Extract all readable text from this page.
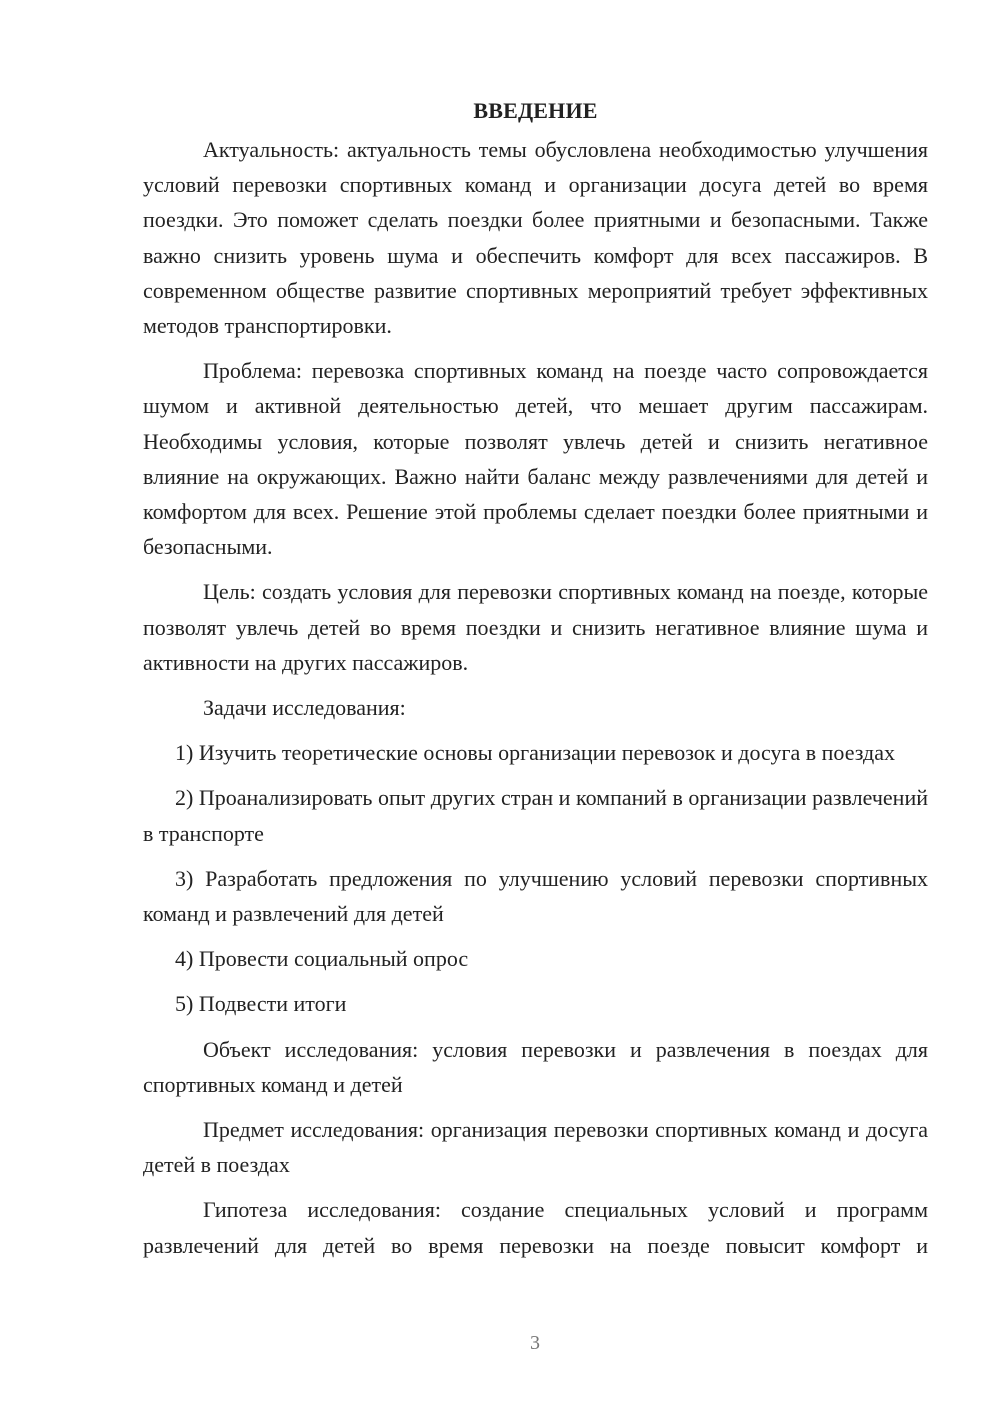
ВВЕДЕНИЕ

Актуальность: актуальность темы обусловлена необходимостью улучшения условий перевозки спортивных команд и организации досуга детей во время поездки. Это поможет сделать поездки более приятными и безопасными. Также важно снизить уровень шума и обеспечить комфорт для всех пассажиров. В современном обществе развитие спортивных мероприятий требует эффективных методов транспортировки.

Проблема: перевозка спортивных команд на поезде часто сопровождается шумом и активной деятельностью детей, что мешает другим пассажирам. Необходимы условия, которые позволят увлечь детей и снизить негативное влияние на окружающих. Важно найти баланс между развлечениями для детей и комфортом для всех. Решение этой проблемы сделает поездки более приятными и безопасными.

Цель: создать условия для перевозки спортивных команд на поезде, которые позволят увлечь детей во время поездки и снизить негативное влияние шума и активности на других пассажиров.

Задачи исследования:

1) Изучить теоретические основы организации перевозок и досуга в поездах

2) Проанализировать опыт других стран и компаний в организации развлечений в транспорте

3) Разработать предложения по улучшению условий перевозки спортивных команд и развлечений для детей

4) Провести социальный опрос

5) Подвести итоги

Объект исследования: условия перевозки и развлечения в поездах для спортивных команд и детей

Предмет исследования: организация перевозки спортивных команд и досуга детей в поездах

Гипотеза исследования: создание специальных условий и программ развлечений для детей во время перевозки на поезде повысит комфорт и

3
